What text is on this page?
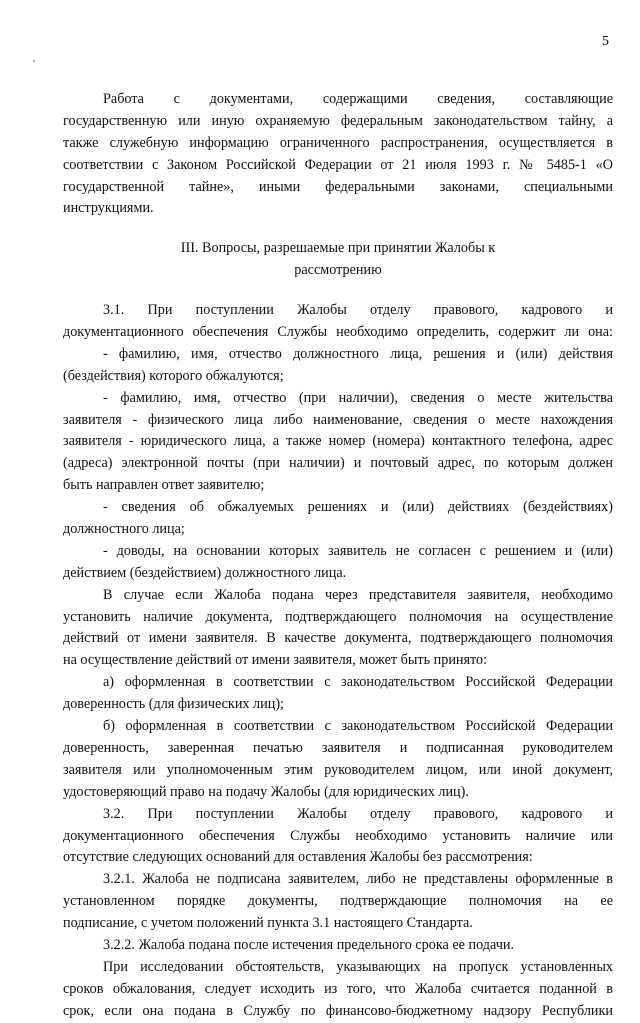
5
Работа с документами, содержащими сведения, составляющие
государственную или иную охраняемую федеральным законодательством тайну, а
также служебную информацию ограниченного распространения, осуществляется в
соответствии с Законом Российской Федерации от 21 июля 1993 г. № 5485-1 «О
государственной тайне», иными федеральными законами, специальными
инструкциями.
III. Вопросы, разрешаемые при принятии Жалобы к
рассмотрению
3.1. При поступлении Жалобы отделу правового, кадрового и
документационного обеспечения Службы необходимо определить, содержит ли она:
- фамилию, имя, отчество должностного лица, решения и (или) действия
(бездействия) которого обжалуются;
- фамилию, имя, отчество (при наличии), сведения о месте жительства
заявителя - физического лица либо наименование, сведения о месте нахождения
заявителя - юридического лица, а также номер (номера) контактного телефона, адрес
(адреса) электронной почты (при наличии) и почтовый адрес, по которым должен
быть направлен ответ заявителю;
- сведения об обжалуемых решениях и (или) действиях (бездействиях)
должностного лица;
- доводы, на основании которых заявитель не согласен с решением и (или)
действием (бездействием) должностного лица.
В случае если Жалоба подана через представителя заявителя, необходимо
установить наличие документа, подтверждающего полномочия на осуществление
действий от имени заявителя. В качестве документа, подтверждающего полномочия
на осуществление действий от имени заявителя, может быть принято:
а) оформленная в соответствии с законодательством Российской Федерации
доверенность (для физических лиц);
б) оформленная в соответствии с законодательством Российской Федерации
доверенность, заверенная печатью заявителя и подписанная руководителем
заявителя или уполномоченным этим руководителем лицом, или иной документ,
удостоверяющий право на подачу Жалобы (для юридических лиц).
3.2. При поступлении Жалобы отделу правового, кадрового и
документационного обеспечения Службы необходимо установить наличие или
отсутствие следующих оснований для оставления Жалобы без рассмотрения:
3.2.1. Жалоба не подписана заявителем, либо не представлены оформленные в
установленном порядке документы, подтверждающие полномочия на ее
подписание, с учетом положений пункта 3.1 настоящего Стандарта.
3.2.2. Жалоба подана после истечения предельного срока ее подачи.
При исследовании обстоятельств, указывающих на пропуск установленных
сроков обжалования, следует исходить из того, что Жалоба считается поданной в
срок, если она подана в Службу по финансово-бюджетному надзору Республики
